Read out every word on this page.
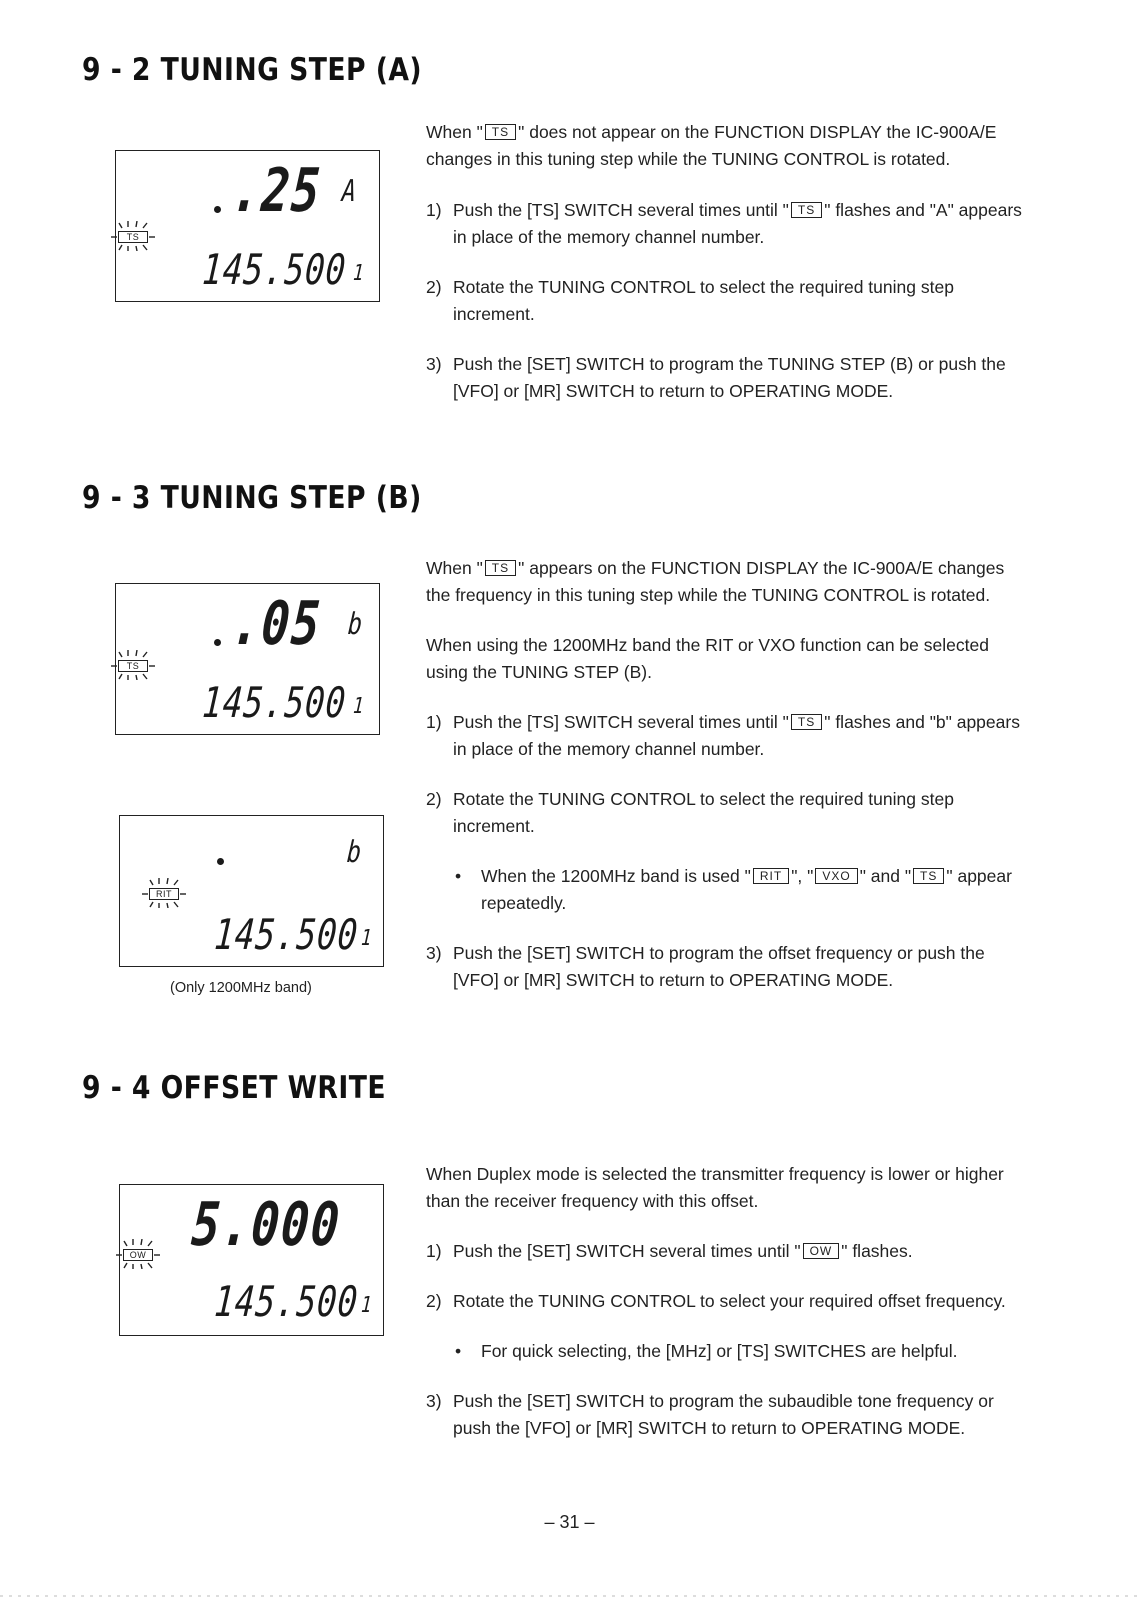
9 - 2 TUNING STEP (A)
.25 A
TS
145.500 1

When " TS " does not appear on the FUNCTION DISPLAY the IC-900A/E changes in this tuning step while the TUNING CONTROL is rotated.

1) Push the [TS] SWITCH several times until " TS " flashes and "A" appears in place of the memory channel number.
2) Rotate the TUNING CONTROL to select the required tuning step increment.
3) Push the [SET] SWITCH to program the TUNING STEP (B) or push the [VFO] or [MR] SWITCH to return to OPERATING MODE.
9 - 3 TUNING STEP (B)
.05 b
TS
145.500 1
b
RIT
145.500 1
(Only 1200MHz band)

When " TS " appears on the FUNCTION DISPLAY the IC-900A/E changes the frequency in this tuning step while the TUNING CONTROL is rotated.

When using the 1200MHz band the RIT or VXO function can be selected using the TUNING STEP (B).

1) Push the [TS] SWITCH several times until " TS " flashes and "b" appears in place of the memory channel number.
2) Rotate the TUNING CONTROL to select the required tuning step increment.
• When the 1200MHz band is used " RIT ", " VXO " and " TS " appear repeatedly.
3) Push the [SET] SWITCH to program the offset frequency or push the [VFO] or [MR] SWITCH to return to OPERATING MODE.
9 - 4 OFFSET WRITE
5.000
OW
145.500 1

When Duplex mode is selected the transmitter frequency is lower or higher than the receiver frequency with this offset.

1) Push the [SET] SWITCH several times until " OW " flashes.
2) Rotate the TUNING CONTROL to select your required offset frequency.
• For quick selecting, the [MHz] or [TS] SWITCHES are helpful.
3) Push the [SET] SWITCH to program the subaudible tone frequency or push the [VFO] or [MR] SWITCH to return to OPERATING MODE.
– 31 –
